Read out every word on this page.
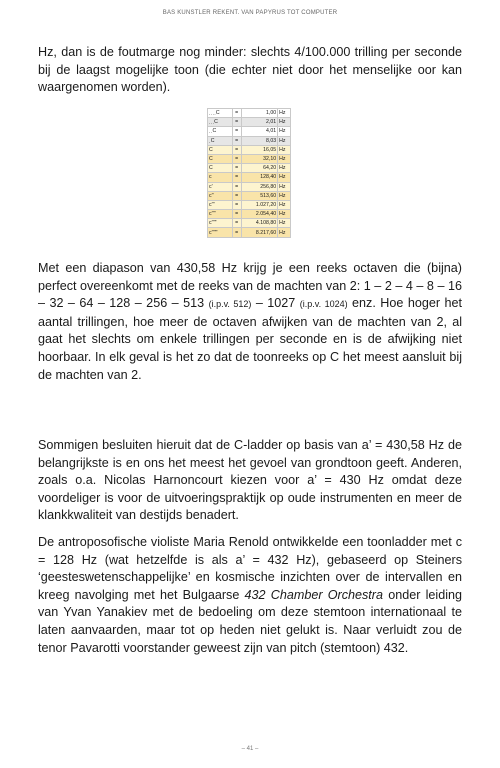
BAS KUNSTLER REKENT. VAN PAPYRUS TOT COMPUTER

Hz, dan is de foutmarge nog minder: slechts 4/100.000 trilling per seconde bij de laagst mogelijke toon (die echter niet door het menselijke oor kan waargenomen worden).

ˌˌˌˌC	=	1,00	Hz
ˌˌˌC	=	2,01	Hz
ˌˌC	=	4,01	Hz
ˌC	=	8,03	Hz
C	=	16,05	Hz
C	=	32,10	Hz
C	=	64,20	Hz
c	=	128,40	Hz
c'	=	256,80	Hz
c''	=	513,60	Hz
c'''	=	1.027,20	Hz
c''''	=	2.054,40	Hz
c'''''	=	4.108,80	Hz
c''''''	=	8.217,60	Hz

Met een diapason van 430,58 Hz krijg je een reeks octaven die (bijna) perfect overeenkomt met de reeks van de machten van 2: 1 – 2 – 4 – 8 – 16 – 32 – 64 – 128 – 256 – 513 (i.p.v. 512) – 1027 (i.p.v. 1024) enz. Hoe hoger het aantal trillingen, hoe meer de octaven afwijken van de machten van 2, al gaat het slechts om enkele trillingen per seconde en is de afwijking niet hoorbaar. In elk geval is het zo dat de toonreeks op C het meest aansluit bij de machten van 2.

Sommigen besluiten hieruit dat de C-ladder op basis van a’ = 430,58 Hz de belangrijkste is en ons het meest het gevoel van grondtoon geeft. Anderen, zoals o.a. Nicolas Harnoncourt kiezen voor a’ = 430 Hz omdat deze voordeliger is voor de uitvoeringspraktijk op oude instrumenten en meer de klankkwaliteit van destijds benadert.

De antroposofische violiste Maria Renold ontwikkelde een toonladder met c = 128 Hz (wat hetzelfde is als a’ = 432 Hz), gebaseerd op Steiners ‘geesteswetenschappelijke’ en kosmische inzichten over de intervallen en kreeg navolging met het Bulgaarse 432 Chamber Orchestra onder leiding van Yvan Yanakiev met de bedoeling om deze stemtoon internationaal te laten aanvaarden, maar tot op heden niet gelukt is. Naar verluidt zou de tenor Pavarotti voorstander geweest zijn van pitch (stemtoon) 432.

– 41 –
